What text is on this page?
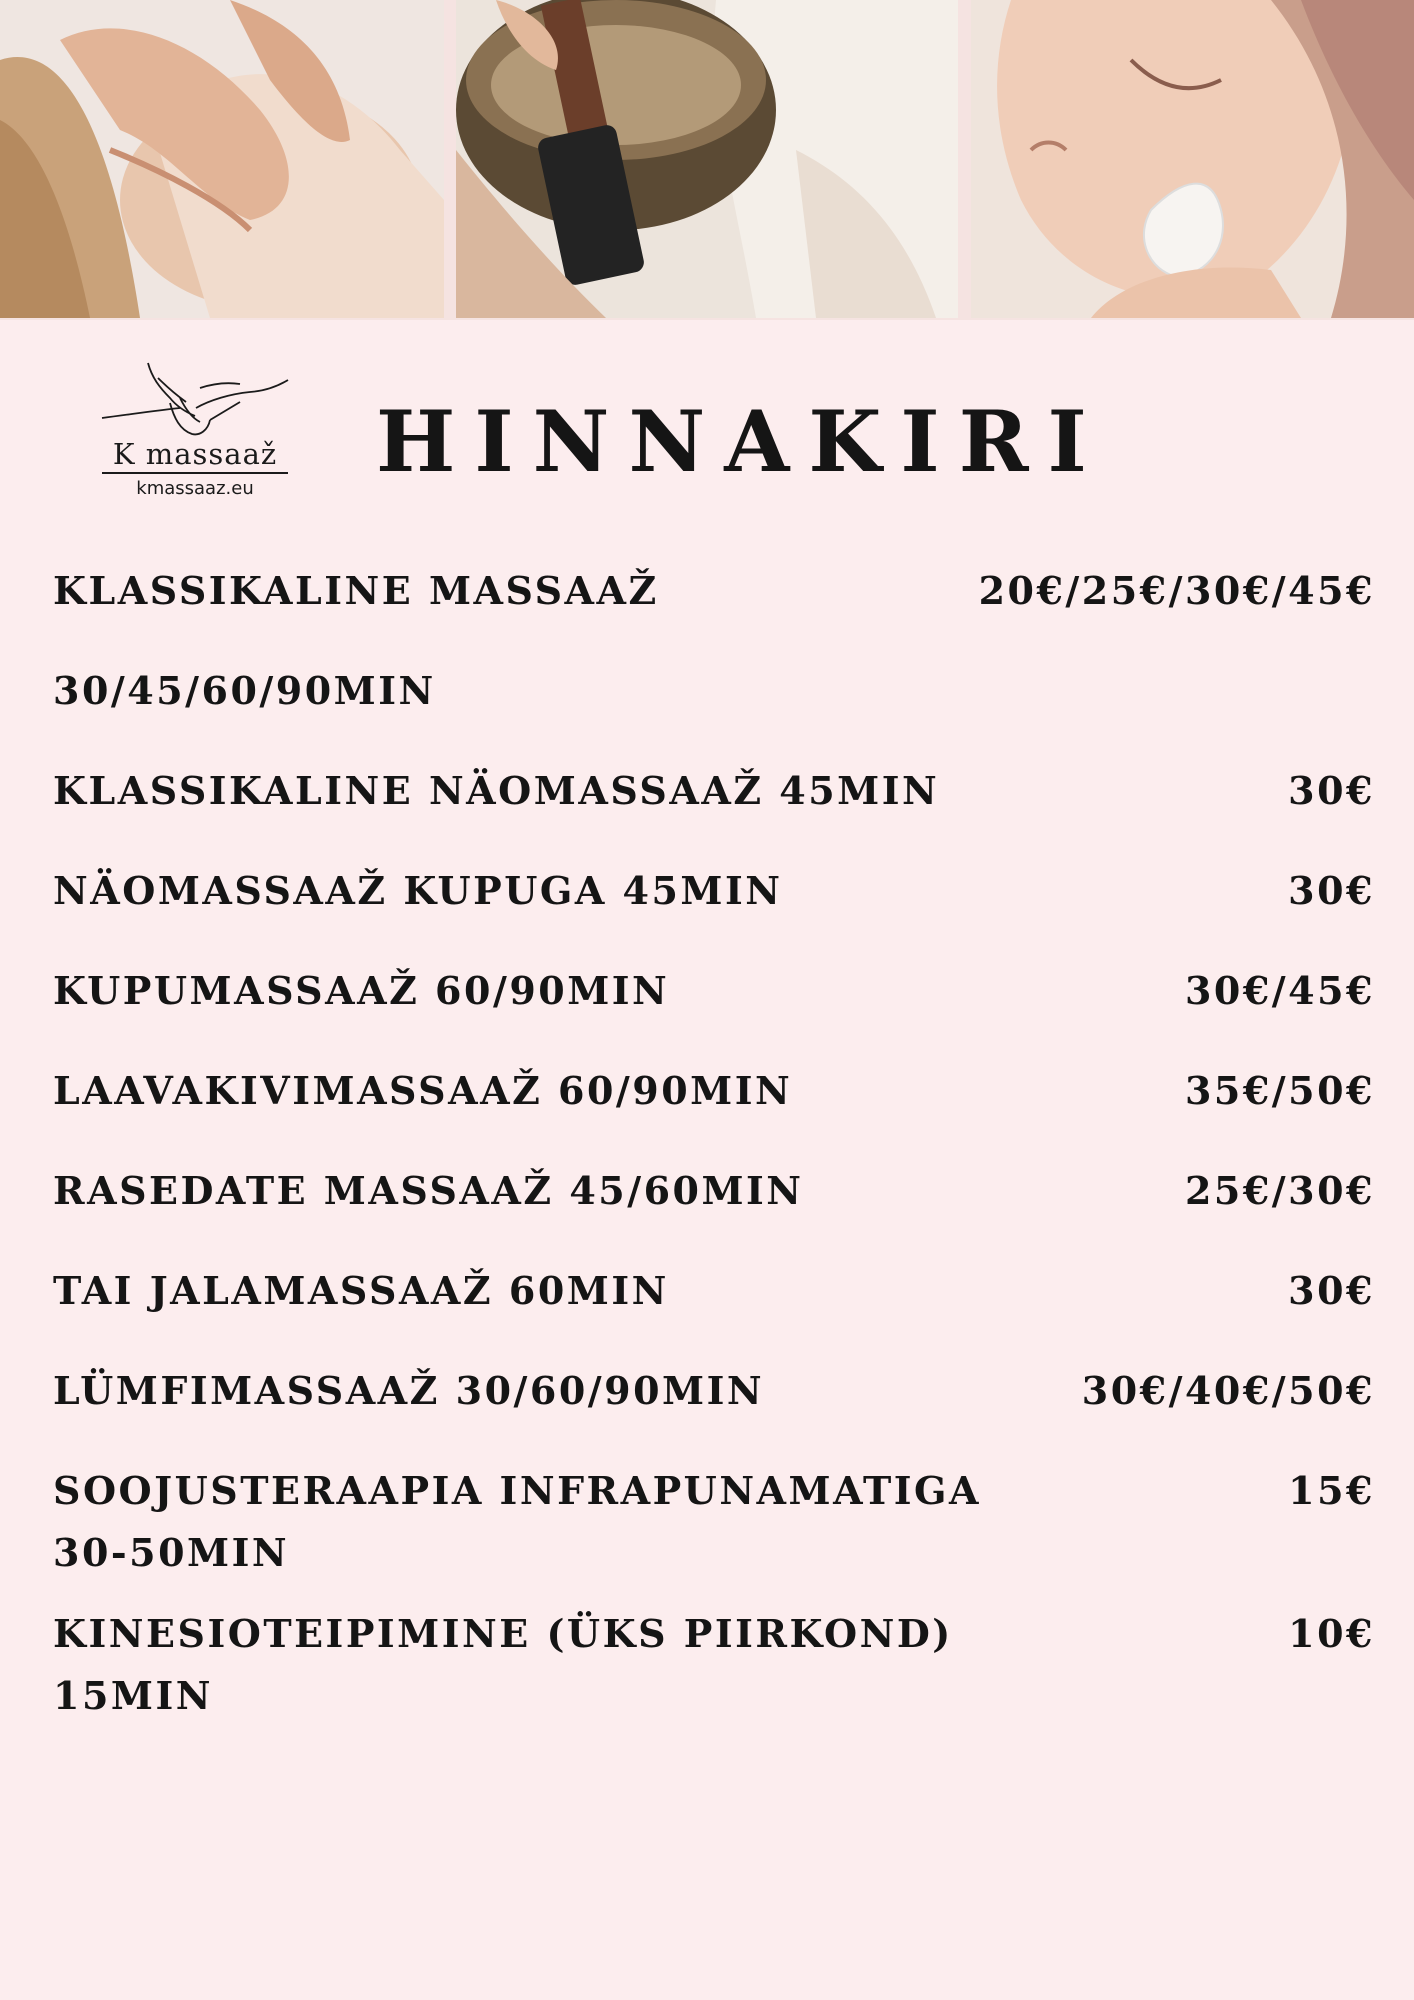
K massaaž
kmassaaz.eu	HINNAKIRI
KLASSIKALINE MASSAAŽ	20€/25€/30€/45€
30/45/60/90MIN
KLASSIKALINE NÄOMASSAAŽ 45MIN	30€
NÄOMASSAAŽ KUPUGA 45MIN	30€
KUPUMASSAAŽ 60/90MIN	30€/45€
LAAVAKIVIMASSAAŽ 60/90MIN	35€/50€
RASEDATE MASSAAŽ 45/60MIN	25€/30€
TAI JALAMASSAAŽ 60MIN	30€
LÜMFIMASSAAŽ 30/60/90MIN	30€/40€/50€
SOOJUSTERAAPIA INFRAPUNAMATIGA 30-50MIN
15€
KINESIOTEIPIMINE (ÜKS PIIRKOND) 15MIN
10€
